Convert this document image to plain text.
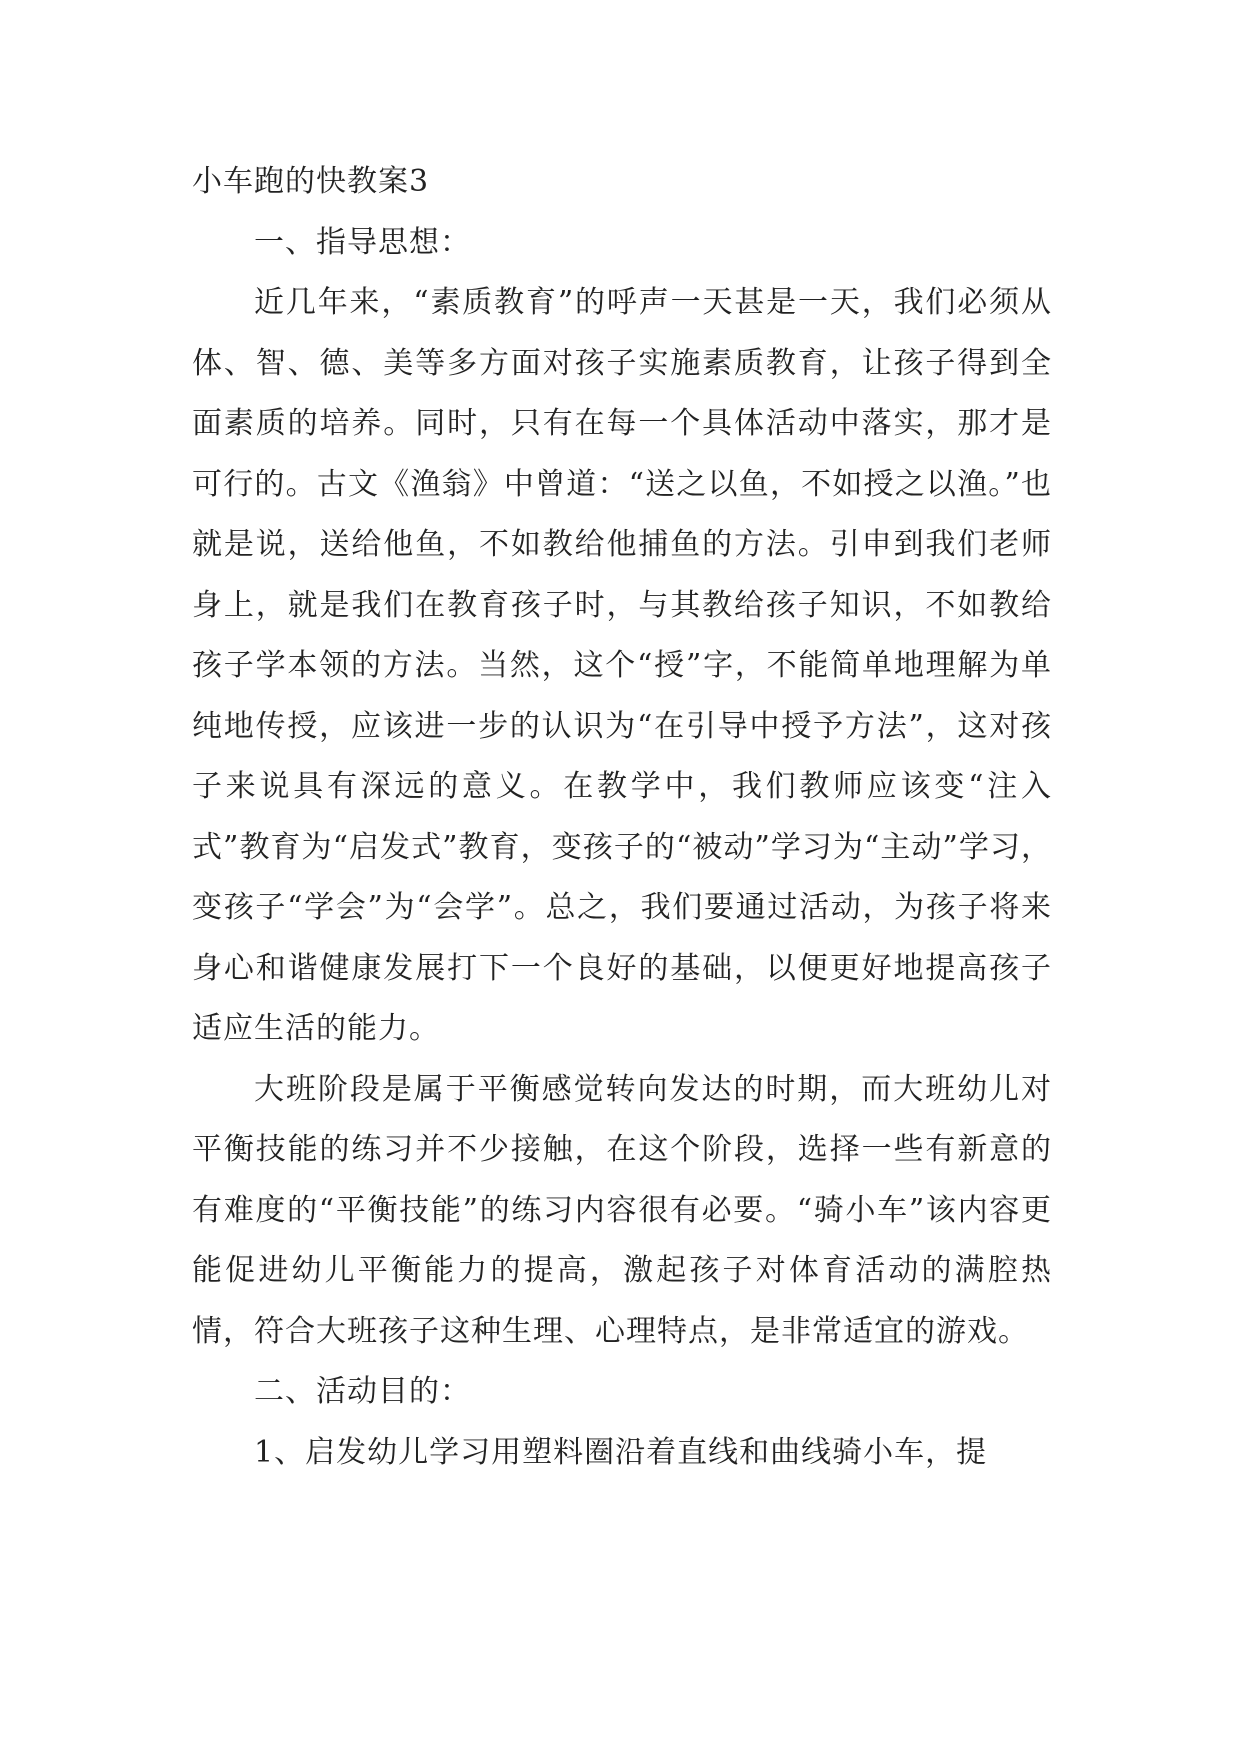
小车跑的快教案3

一、指导思想：

近几年来，“素质教育”的呼声一天甚是一天，我们必须从体、智、德、美等多方面对孩子实施素质教育，让孩子得到全面素质的培养。同时，只有在每一个具体活动中落实，那才是可行的。古文《渔翁》中曾道：“送之以鱼，不如授之以渔。”也就是说，送给他鱼，不如教给他捕鱼的方法。引申到我们老师身上，就是我们在教育孩子时，与其教给孩子知识，不如教给孩子学本领的方法。当然，这个“授”字，不能简单地理解为单纯地传授，应该进一步的认识为“在引导中授予方法”，这对孩子来说具有深远的意义。在教学中，我们教师应该变“注入式”教育为“启发式”教育，变孩子的“被动”学习为“主动”学习，变孩子“学会”为“会学”。总之，我们要通过活动，为孩子将来身心和谐健康发展打下一个良好的基础，以便更好地提高孩子适应生活的能力。

大班阶段是属于平衡感觉转向发达的时期，而大班幼儿对平衡技能的练习并不少接触，在这个阶段，选择一些有新意的有难度的“平衡技能”的练习内容很有必要。“骑小车”该内容更能促进幼儿平衡能力的提高，激起孩子对体育活动的满腔热情，符合大班孩子这种生理、心理特点，是非常适宜的游戏。

二、活动目的：

1、启发幼儿学习用塑料圈沿着直线和曲线骑小车，提
